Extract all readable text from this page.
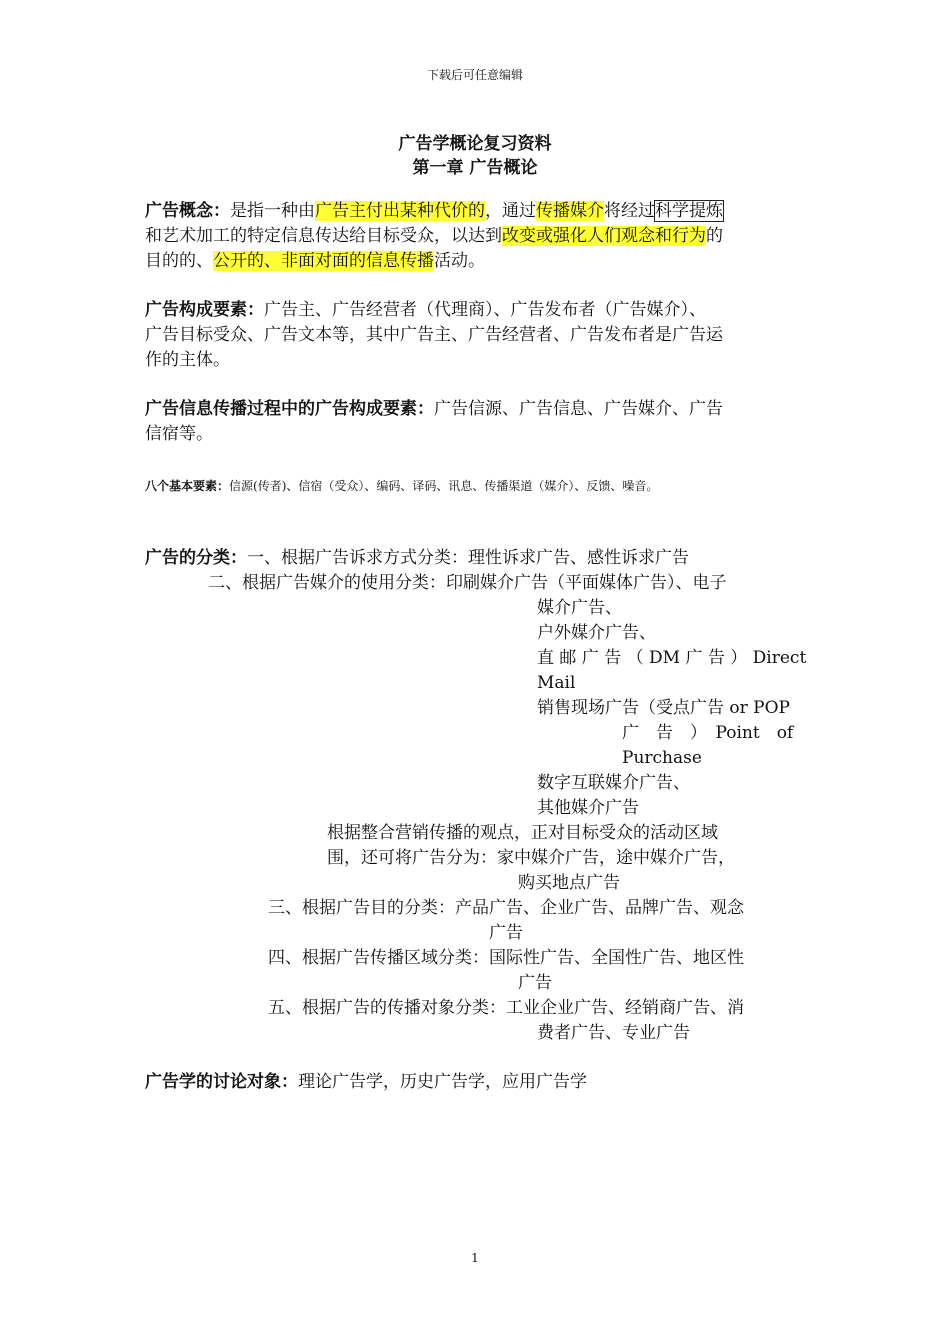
下载后可任意编辑
广告学概论复习资料
第一章 广告概论
广告概念：是指一种由广告主付出某种代价的，通过传播媒介将经过科学提炼
和艺术加工的特定信息传达给目标受众，以达到改变或强化人们观念和行为的
目的的、公开的、非面对面的信息传播活动。
广告构成要素：广告主、广告经营者（代理商）、广告发布者（广告媒介）、
广告目标受众、广告文本等，其中广告主、广告经营者、广告发布者是广告运
作的主体。
广告信息传播过程中的广告构成要素：广告信源、广告信息、广告媒介、广告
信宿等。
八个基本要素：信源(传者)、信宿（受众）、编码、译码、讯息、传播渠道（媒介）、反馈、噪音。
广告的分类：一、根据广告诉求方式分类：理性诉求广告、感性诉求广告
二、根据广告媒介的使用分类：印刷媒介广告（平面媒体广告）、电子
媒介广告、
户外媒介广告、
直 邮 广 告 （ DM 广 告 ） Direct
Mail
销售现场广告（受点广告 or POP
广　告　）　Point　of
Purchase
数字互联媒介广告、
其他媒介广告
根据整合营销传播的观点，正对目标受众的活动区域
围，还可将广告分为：家中媒介广告，途中媒介广告，
购买地点广告
三、根据广告目的分类：产品广告、企业广告、品牌广告、观念
广告
四、根据广告传播区域分类：国际性广告、全国性广告、地区性
广告
五、根据广告的传播对象分类：工业企业广告、经销商广告、消
费者广告、专业广告
广告学的讨论对象：理论广告学，历史广告学，应用广告学
1
